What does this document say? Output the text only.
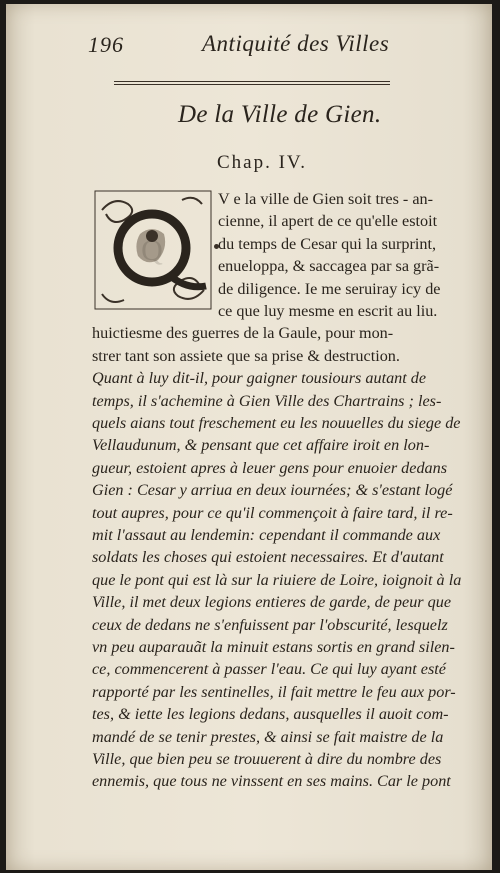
196	Antiquité des Villes
De la Ville de Gien.
Chap. IV.
Q
V e la ville de Gien soit tres - an-
cienne, il apert de ce qu'elle estoit
du temps de Cesar qui la surprint,
enueloppa, & saccagea par sa grã-
de diligence. Ie me seruiray icy de
ce que luy mesme en escrit au liu.
huictiesme des guerres de la Gaule, pour mon-
strer tant son assiete que sa prise & destruction.
Quant à luy dit-il, pour gaigner tousiours autant de
temps, il s'achemine à Gien Ville des Chartrains ; les-
quels aians tout freschement eu les nouuelles du siege de
Vellaudunum, & pensant que cet affaire iroit en lon-
gueur, estoient apres à leuer gens pour enuoier dedans
Gien : Cesar y arriua en deux iournées; & s'estant logé
tout aupres, pour ce qu'il commençoit à faire tard, il re-
mit l'assaut au lendemin: cependant il commande aux
soldats les choses qui estoient necessaires. Et d'autant
que le pont qui est là sur la riuiere de Loire, ioignoit à la
Ville, il met deux legions entieres de garde, de peur que
ceux de dedans ne s'enfuissent par l'obscurité, lesquelz
vn peu auparauãt la minuit estans sortis en grand silen-
ce, commencerent à passer l'eau. Ce qui luy ayant esté
rapporté par les sentinelles, il fait mettre le feu aux por-
tes, & iette les legions dedans, ausquelles il auoit com-
mandé de se tenir prestes, & ainsi se fait maistre de la
Ville, que bien peu se trouuerent à dire du nombre des
ennemis, que tous ne vinssent en ses mains. Car le pont
